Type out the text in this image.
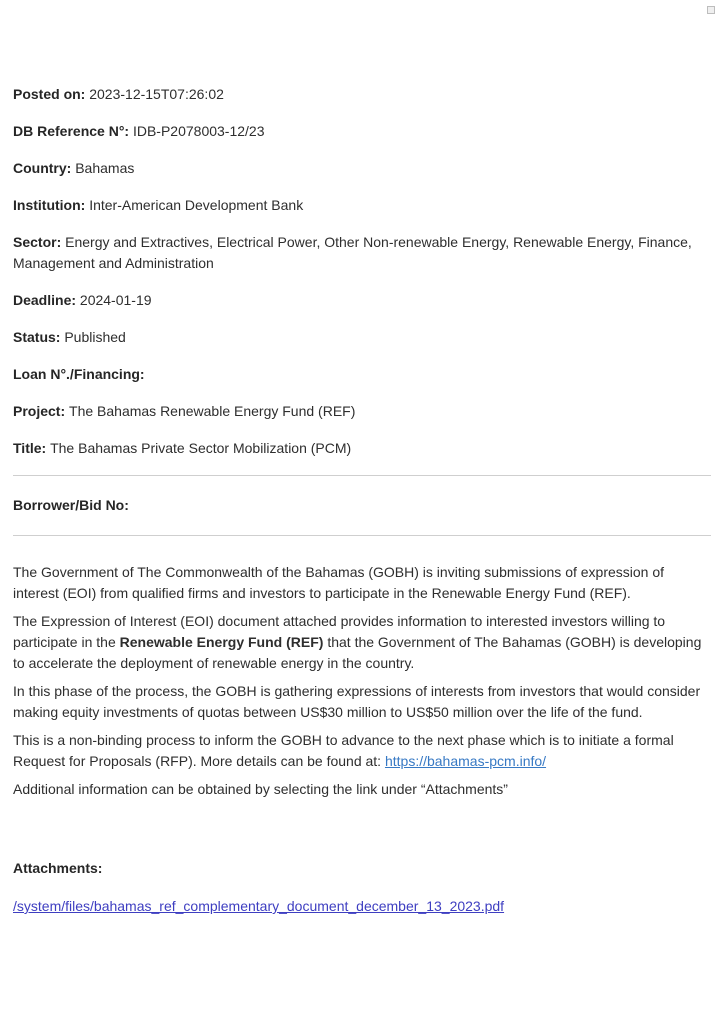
Posted on: 2023-12-15T07:26:02

DB Reference N°: IDB-P2078003-12/23

Country: Bahamas

Institution: Inter-American Development Bank

Sector: Energy and Extractives, Electrical Power, Other Non-renewable Energy, Renewable Energy, Finance, Management and Administration

Deadline: 2024-01-19

Status: Published

Loan N°./Financing:

Project: The Bahamas Renewable Energy Fund (REF)

Title: The Bahamas Private Sector Mobilization (PCM)

Borrower/Bid No:

The Government of The Commonwealth of the Bahamas (GOBH) is inviting submissions of expression of interest (EOI) from qualified firms and investors to participate in the Renewable Energy Fund (REF).

The Expression of Interest (EOI) document attached provides information to interested investors willing to participate in the Renewable Energy Fund (REF) that the Government of The Bahamas (GOBH) is developing to accelerate the deployment of renewable energy in the country.

In this phase of the process, the GOBH is gathering expressions of interests from investors that would consider making equity investments of quotas between US$30 million to US$50 million over the life of the fund.

This is a non-binding process to inform the GOBH to advance to the next phase which is to initiate a formal Request for Proposals (RFP). More details can be found at: https://bahamas-pcm.info/

Additional information can be obtained by selecting the link under “Attachments”

Attachments:

/system/files/bahamas_ref_complementary_document_december_13_2023.pdf
